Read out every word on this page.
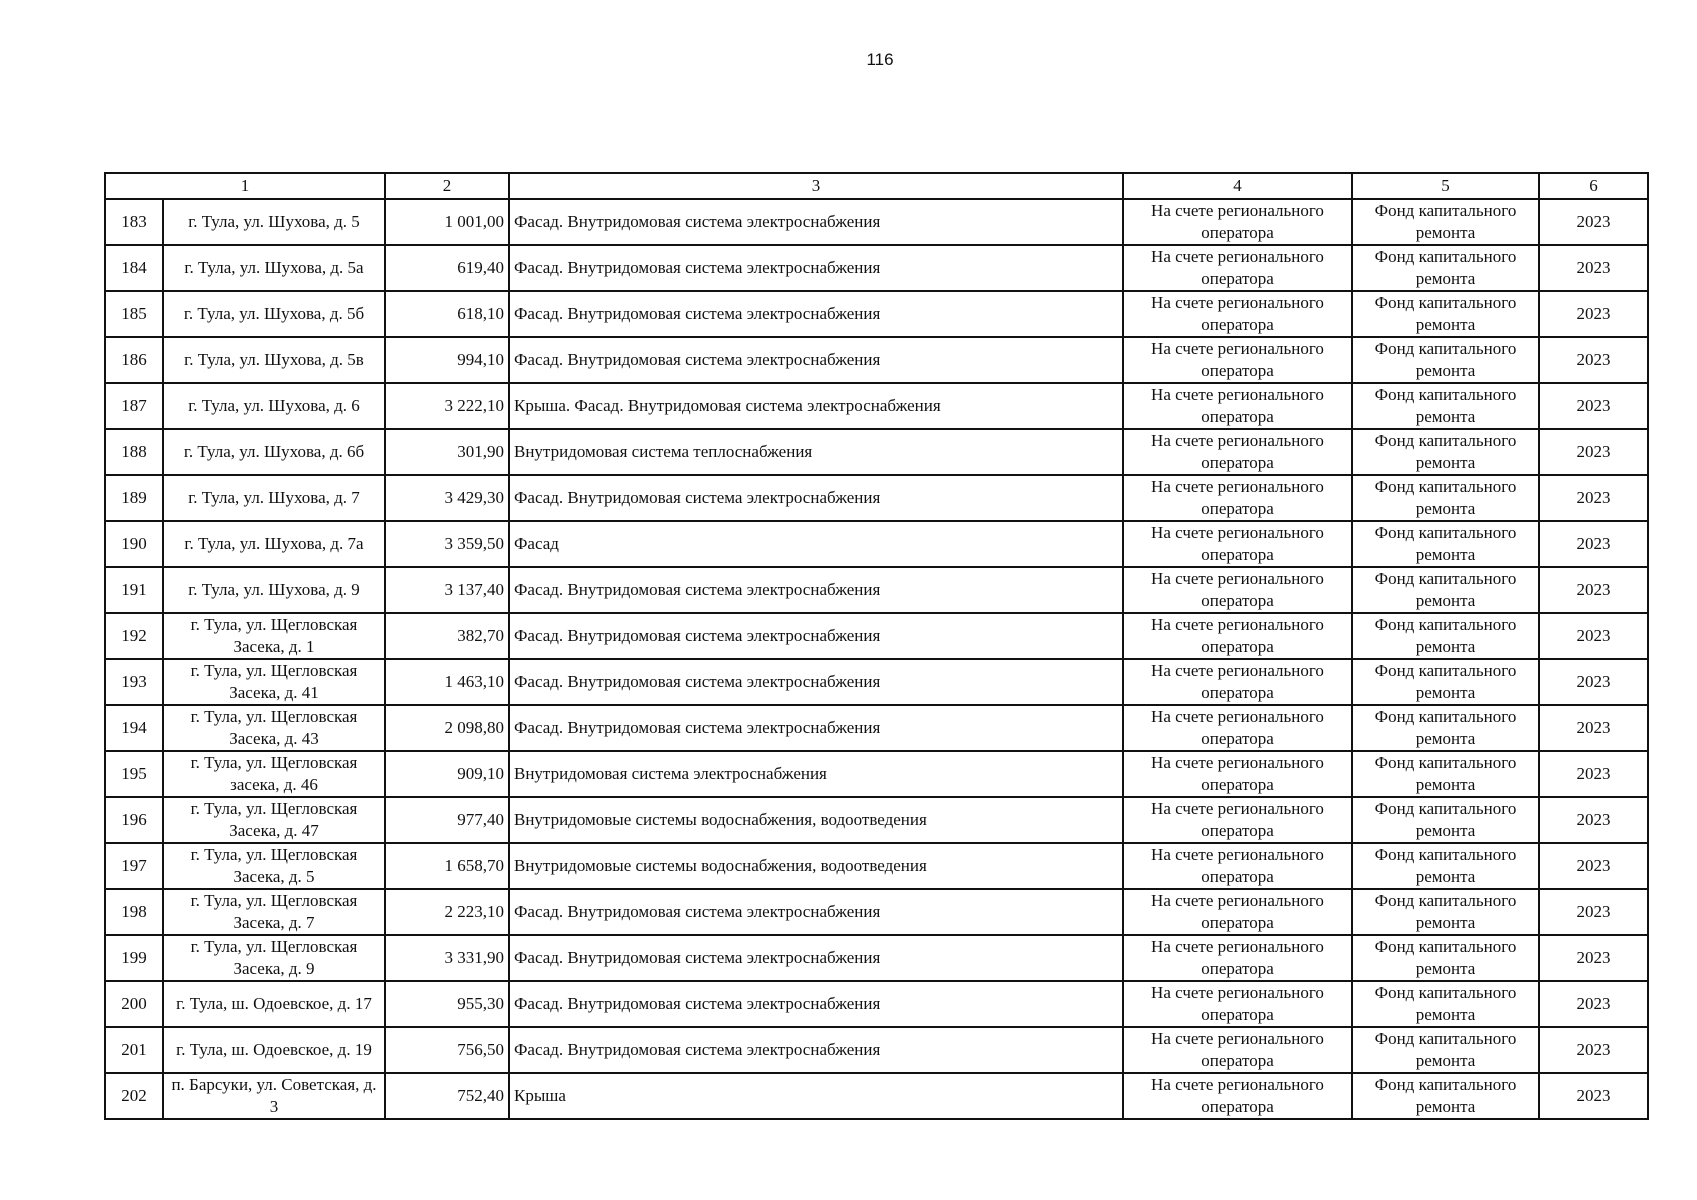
116
1		2	3	4	5	6
183	г. Тула, ул. Шухова, д. 5	1 001,00	Фасад. Внутридомовая система электроснабжения	На счете регионального оператора	Фонд капитального ремонта	2023
184	г. Тула, ул. Шухова, д. 5а	619,40	Фасад. Внутридомовая система электроснабжения	На счете регионального оператора	Фонд капитального ремонта	2023
185	г. Тула, ул. Шухова, д. 5б	618,10	Фасад. Внутридомовая система электроснабжения	На счете регионального оператора	Фонд капитального ремонта	2023
186	г. Тула, ул. Шухова, д. 5в	994,10	Фасад. Внутридомовая система электроснабжения	На счете регионального оператора	Фонд капитального ремонта	2023
187	г. Тула, ул. Шухова, д. 6	3 222,10	Крыша. Фасад. Внутридомовая система электроснабжения	На счете регионального оператора	Фонд капитального ремонта	2023
188	г. Тула, ул. Шухова, д. 6б	301,90	Внутридомовая система теплоснабжения	На счете регионального оператора	Фонд капитального ремонта	2023
189	г. Тула, ул. Шухова, д. 7	3 429,30	Фасад. Внутридомовая система электроснабжения	На счете регионального оператора	Фонд капитального ремонта	2023
190	г. Тула, ул. Шухова, д. 7а	3 359,50	Фасад	На счете регионального оператора	Фонд капитального ремонта	2023
191	г. Тула, ул. Шухова, д. 9	3 137,40	Фасад. Внутридомовая система электроснабжения	На счете регионального оператора	Фонд капитального ремонта	2023
192	г. Тула, ул. Щегловская Засека, д. 1	382,70	Фасад. Внутридомовая система электроснабжения	На счете регионального оператора	Фонд капитального ремонта	2023
193	г. Тула, ул. Щегловская Засека, д. 41	1 463,10	Фасад. Внутридомовая система электроснабжения	На счете регионального оператора	Фонд капитального ремонта	2023
194	г. Тула, ул. Щегловская Засека, д. 43	2 098,80	Фасад. Внутридомовая система электроснабжения	На счете регионального оператора	Фонд капитального ремонта	2023
195	г. Тула, ул. Щегловская засека, д. 46	909,10	Внутридомовая система электроснабжения	На счете регионального оператора	Фонд капитального ремонта	2023
196	г. Тула, ул. Щегловская Засека, д. 47	977,40	Внутридомовые системы водоснабжения, водоотведения	На счете регионального оператора	Фонд капитального ремонта	2023
197	г. Тула, ул. Щегловская Засека, д. 5	1 658,70	Внутридомовые системы водоснабжения, водоотведения	На счете регионального оператора	Фонд капитального ремонта	2023
198	г. Тула, ул. Щегловская Засека, д. 7	2 223,10	Фасад. Внутридомовая система электроснабжения	На счете регионального оператора	Фонд капитального ремонта	2023
199	г. Тула, ул. Щегловская Засека, д. 9	3 331,90	Фасад. Внутридомовая система электроснабжения	На счете регионального оператора	Фонд капитального ремонта	2023
200	г. Тула, ш. Одоевское, д. 17	955,30	Фасад. Внутридомовая система электроснабжения	На счете регионального оператора	Фонд капитального ремонта	2023
201	г. Тула, ш. Одоевское, д. 19	756,50	Фасад. Внутридомовая система электроснабжения	На счете регионального оператора	Фонд капитального ремонта	2023
202	п. Барсуки, ул. Советская, д. 3	752,40	Крыша	На счете регионального оператора	Фонд капитального ремонта	2023
